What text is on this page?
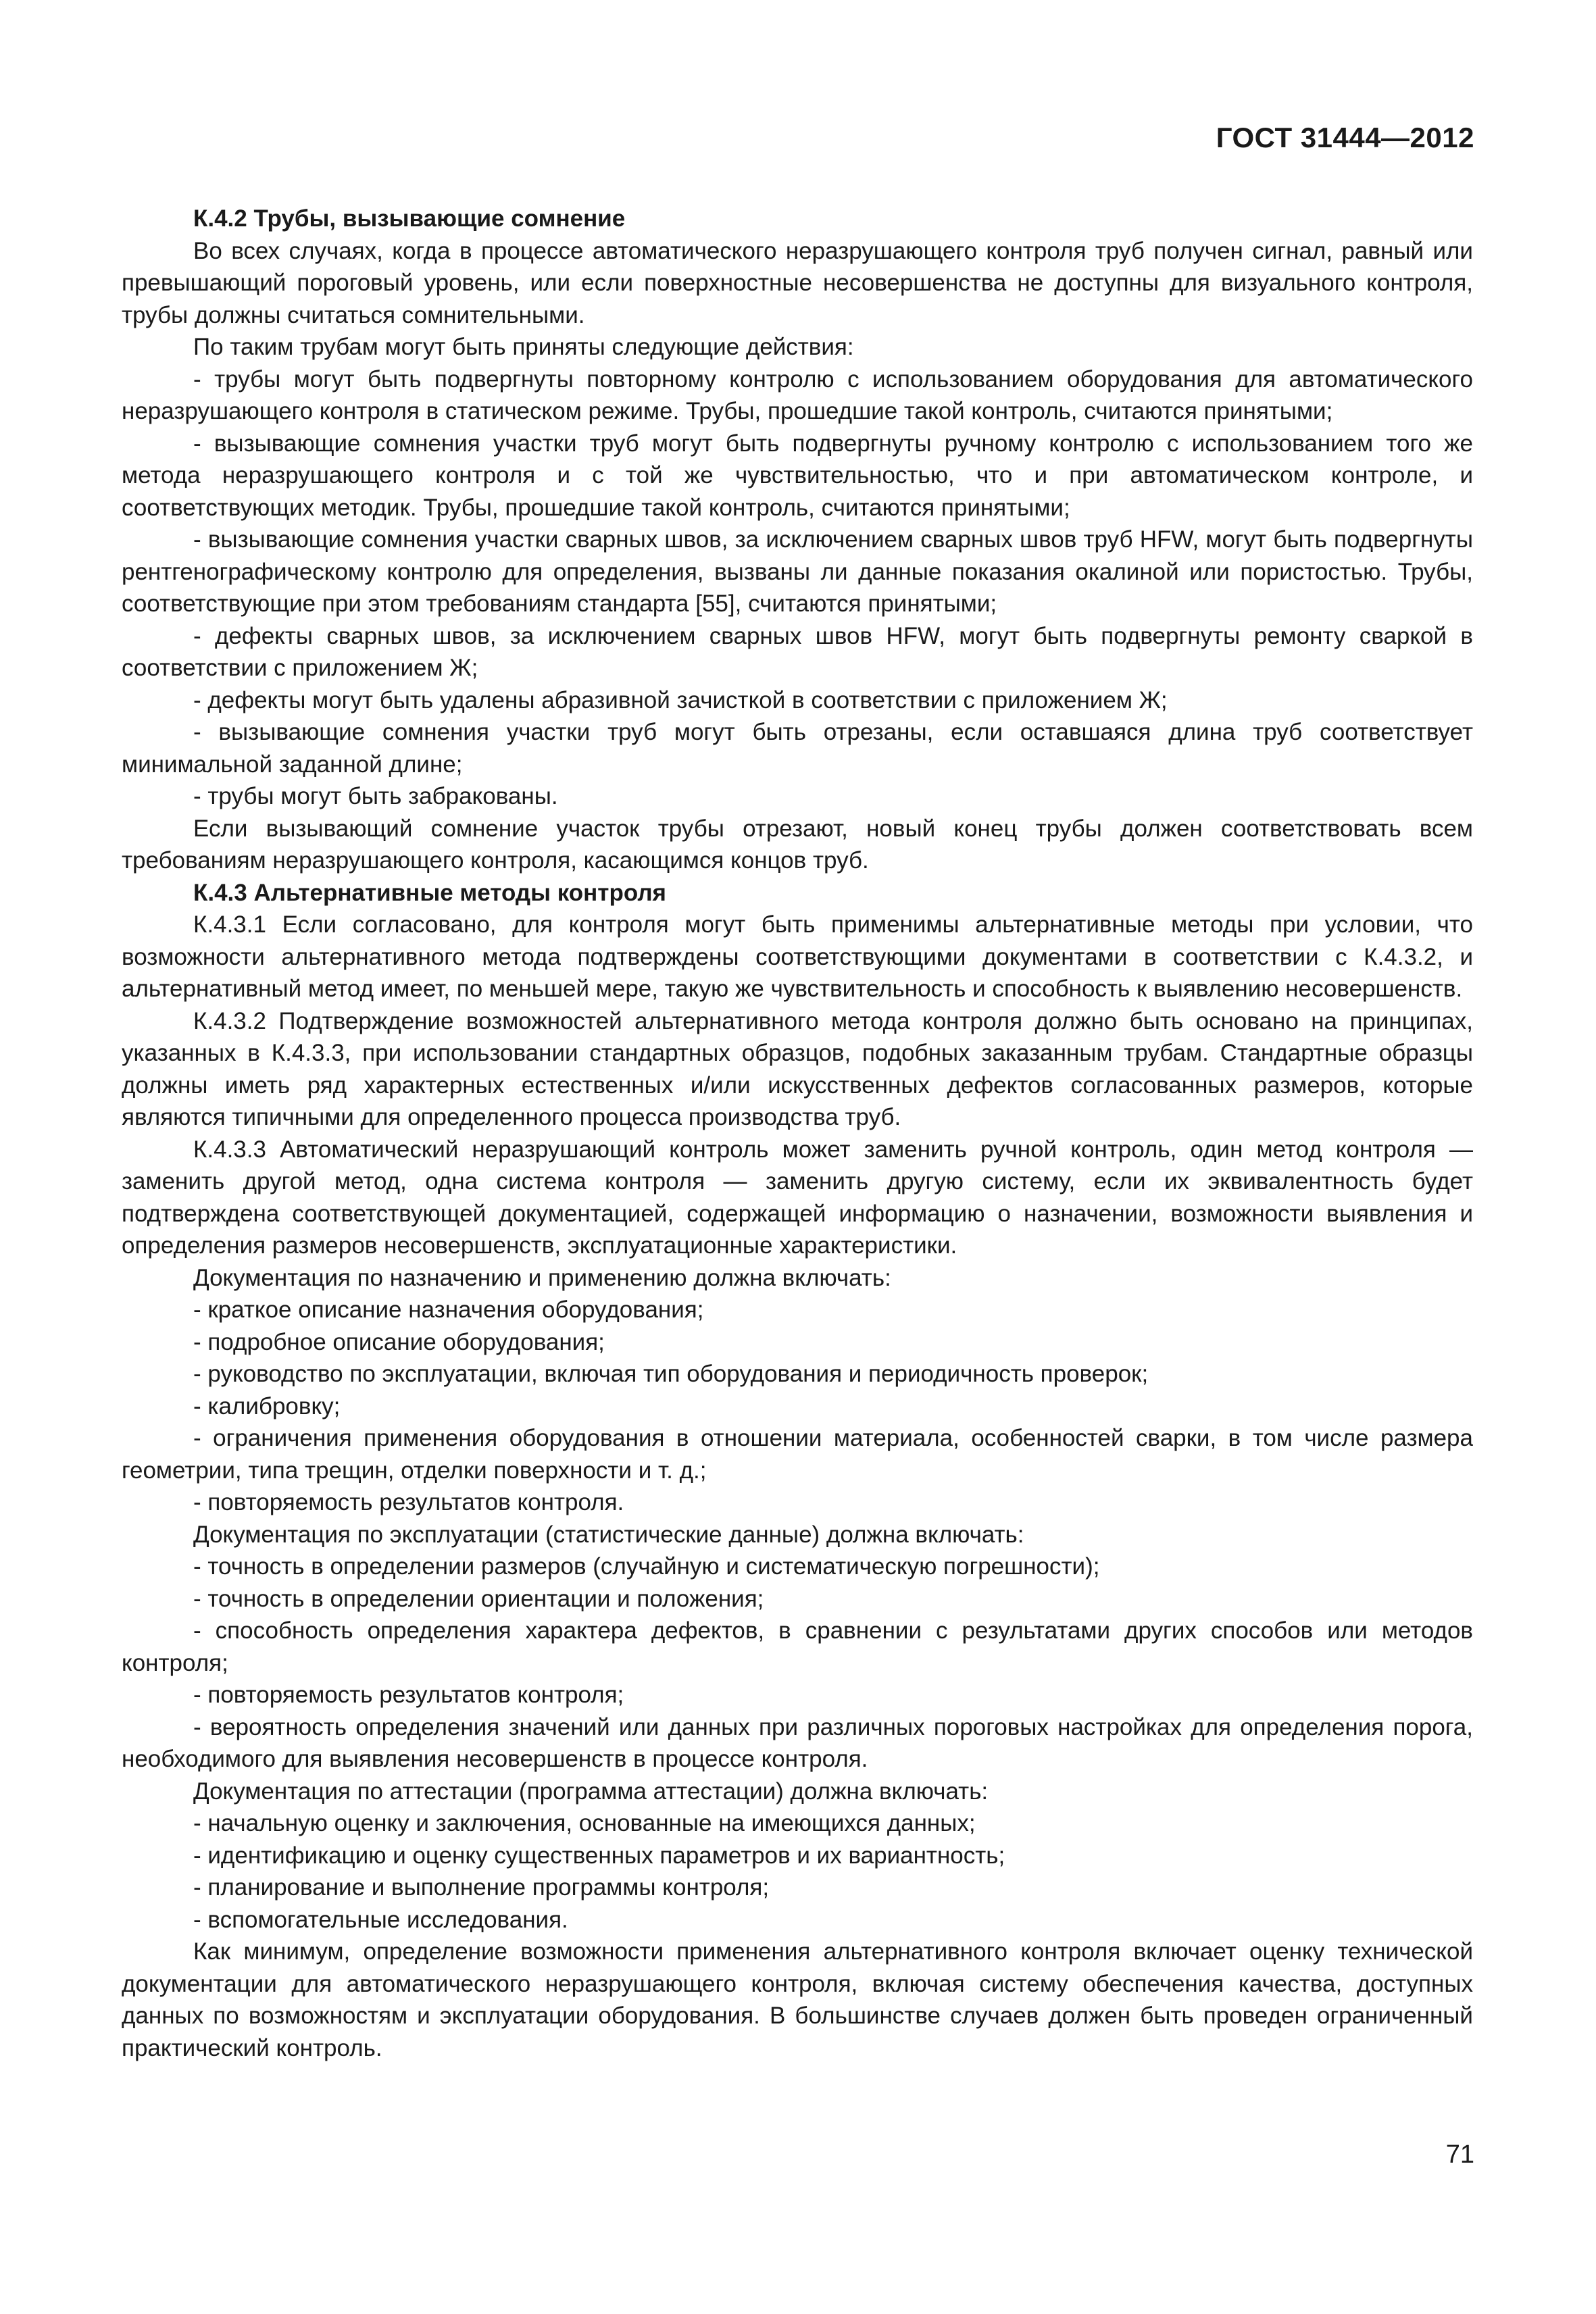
ГОСТ 31444—2012

К.4.2 Трубы, вызывающие сомнение

Во всех случаях, когда в процессе автоматического неразрушающего контроля труб получен сигнал, равный или превышающий пороговый уровень, или если поверхностные несовершенства не доступны для визуального контроля, трубы должны считаться сомнительными.

По таким трубам могут быть приняты следующие действия:

- трубы могут быть подвергнуты повторному контролю с использованием оборудования для автоматического неразрушающего контроля в статическом режиме. Трубы, прошедшие такой контроль, считаются принятыми;

- вызывающие сомнения участки труб могут быть подвергнуты ручному контролю с использованием того же метода неразрушающего контроля и с той же чувствительностью, что и при автоматическом контроле, и соответствующих методик. Трубы, прошедшие такой контроль, считаются принятыми;

- вызывающие сомнения участки сварных швов, за исключением сварных швов труб HFW, могут быть подвергнуты рентгенографическому контролю для определения, вызваны ли данные показания окалиной или пористостью. Трубы, соответствующие при этом требованиям стандарта [55], считаются принятыми;

- дефекты сварных швов, за исключением сварных швов HFW, могут быть подвергнуты ремонту сваркой в соответствии с приложением Ж;

- дефекты могут быть удалены абразивной зачисткой в соответствии с приложением Ж;

- вызывающие сомнения участки труб могут быть отрезаны, если оставшаяся длина труб соответствует минимальной заданной длине;

- трубы могут быть забракованы.

Если вызывающий сомнение участок трубы отрезают, новый конец трубы должен соответствовать всем требованиям неразрушающего контроля, касающимся концов труб.

К.4.3 Альтернативные методы контроля

К.4.3.1 Если согласовано, для контроля могут быть применимы альтернативные методы при условии, что возможности альтернативного метода подтверждены соответствующими документами в соответствии с К.4.3.2, и альтернативный метод имеет, по меньшей мере, такую же чувствительность и способность к выявлению несовершенств.

К.4.3.2 Подтверждение возможностей альтернативного метода контроля должно быть основано на принципах, указанных в К.4.3.3, при использовании стандартных образцов, подобных заказанным трубам. Стандартные образцы должны иметь ряд характерных естественных и/или искусственных дефектов согласованных размеров, которые являются типичными для определенного процесса производства труб.

К.4.3.3 Автоматический неразрушающий контроль может заменить ручной контроль, один метод контроля — заменить другой метод, одна система контроля — заменить другую систему, если их эквивалентность будет подтверждена соответствующей документацией, содержащей информацию о назначении, возможности выявления и определения размеров несовершенств, эксплуатационные характеристики.

Документация по назначению и применению должна включать:

- краткое описание назначения оборудования;

- подробное описание оборудования;

- руководство по эксплуатации, включая тип оборудования и периодичность проверок;

- калибровку;

- ограничения применения оборудования в отношении материала, особенностей сварки, в том числе размера геометрии, типа трещин, отделки поверхности и т. д.;

- повторяемость результатов контроля.

Документация по эксплуатации (статистические данные) должна включать:

- точность в определении размеров (случайную и систематическую погрешности);

- точность в определении ориентации и положения;

- способность определения характера дефектов, в сравнении с результатами других способов или методов контроля;

- повторяемость результатов контроля;

- вероятность определения значений или данных при различных пороговых настройках для определения порога, необходимого для выявления несовершенств в процессе контроля.

Документация по аттестации (программа аттестации) должна включать:

- начальную оценку и заключения, основанные на имеющихся данных;

- идентификацию и оценку существенных параметров и их вариантность;

- планирование и выполнение программы контроля;

- вспомогательные исследования.

Как минимум, определение возможности применения альтернативного контроля включает оценку технической документации для автоматического неразрушающего контроля, включая систему обеспечения качества, доступных данных по возможностям и эксплуатации оборудования. В большинстве случаев должен быть проведен ограниченный практический контроль.

71
